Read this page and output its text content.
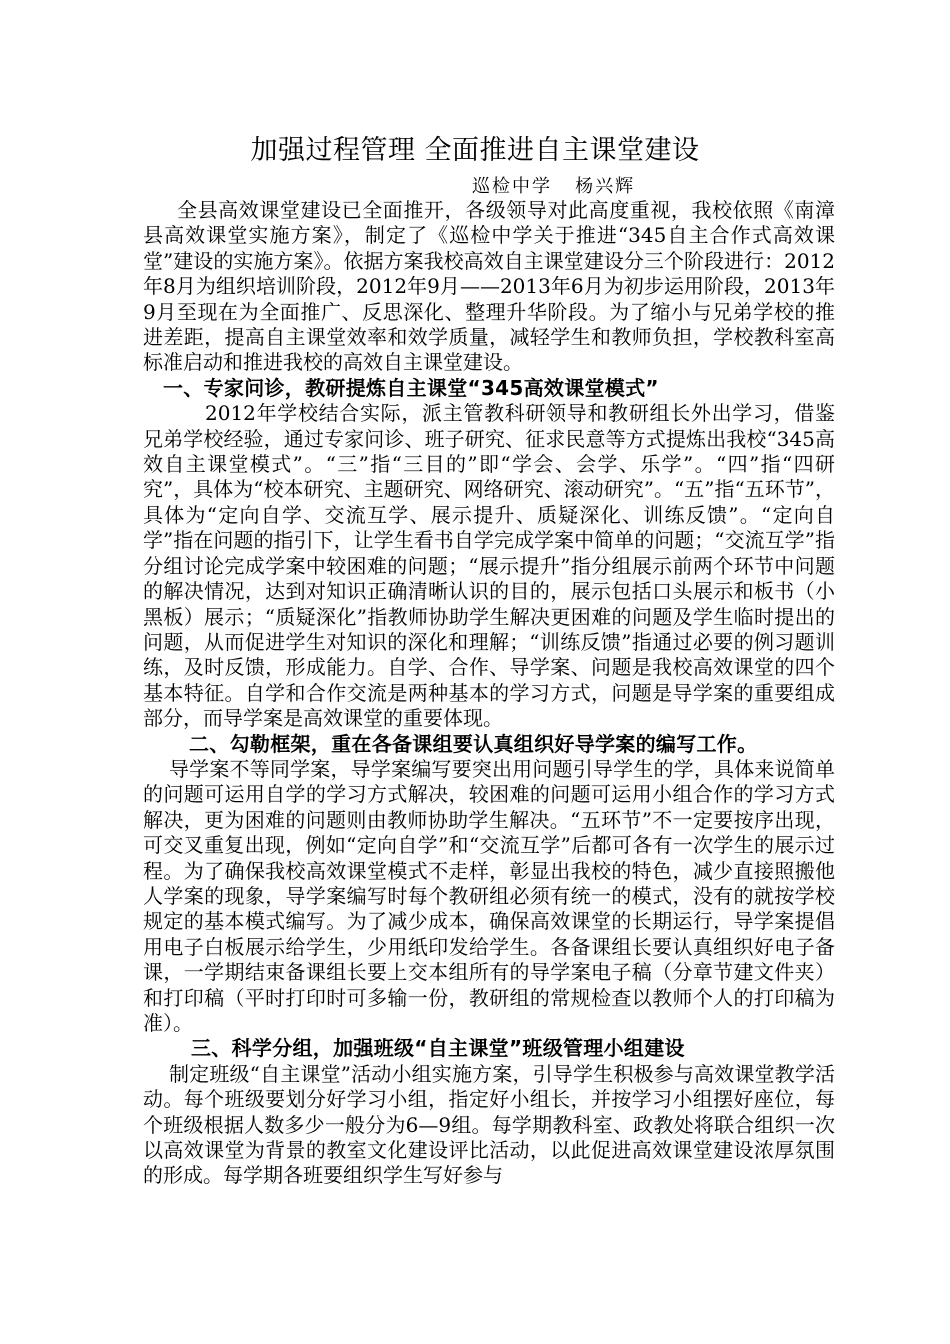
加强过程管理 全面推进自主课堂建设
巡检中学   杨兴辉

全县高效课堂建设已全面推开，各级领导对此高度重视，我校依照《南漳县高效课堂实施方案》，制定了《巡检中学关于推进“345自主合作式高效课堂”建设的实施方案》。依据方案我校高效自主课堂建设分三个阶段进行：2012年8月为组织培训阶段，2012年9月——2013年6月为初步运用阶段，2013年9月至现在为全面推广、反思深化、整理升华阶段。为了缩小与兄弟学校的推进差距，提高自主课堂效率和效学质量，减轻学生和教师负担，学校教科室高标准启动和推进我校的高效自主课堂建设。

一、专家问诊，教研提炼自主课堂“345高效课堂模式”

2012年学校结合实际，派主管教科研领导和教研组长外出学习，借鉴兄弟学校经验，通过专家问诊、班子研究、征求民意等方式提炼出我校“345高效自主课堂模式”。“三”指“三目的”即“学会、会学、乐学”。“四”指“四研究”，具体为“校本研究、主题研究、网络研究、滚动研究”。“五”指“五环节”，具体为“定向自学、交流互学、展示提升、质疑深化、训练反馈”。“定向自学”指在问题的指引下，让学生看书自学完成学案中简单的问题；“交流互学”指分组讨论完成学案中较困难的问题；“展示提升”指分组展示前两个环节中问题的解决情况，达到对知识正确清晰认识的目的，展示包括口头展示和板书（小黑板）展示；“质疑深化”指教师协助学生解决更困难的问题及学生临时提出的问题，从而促进学生对知识的深化和理解；“训练反馈”指通过必要的例习题训练，及时反馈，形成能力。自学、合作、导学案、问题是我校高效课堂的四个基本特征。自学和合作交流是两种基本的学习方式，问题是导学案的重要组成部分，而导学案是高效课堂的重要体现。

二、勾勒框架，重在各备课组要认真组织好导学案的编写工作。

导学案不等同学案，导学案编写要突出用问题引导学生的学，具体来说简单的问题可运用自学的学习方式解决，较困难的问题可运用小组合作的学习方式解决，更为困难的问题则由教师协助学生解决。“五环节”不一定要按序出现，可交叉重复出现，例如“定向自学”和“交流互学”后都可各有一次学生的展示过程。为了确保我校高效课堂模式不走样，彰显出我校的特色，减少直接照搬他人学案的现象，导学案编写时每个教研组必须有统一的模式，没有的就按学校规定的基本模式编写。为了减少成本，确保高效课堂的长期运行，导学案提倡用电子白板展示给学生，少用纸印发给学生。各备课组长要认真组织好电子备课，一学期结束备课组长要上交本组所有的导学案电子稿（分章节建文件夹）和打印稿（平时打印时可多输一份，教研组的常规检查以教师个人的打印稿为准）。

三、科学分组，加强班级“自主课堂”班级管理小组建设

制定班级“自主课堂”活动小组实施方案，引导学生积极参与高效课堂教学活动。每个班级要划分好学习小组，指定好小组长，并按学习小组摆好座位，每个班级根据人数多少一般分为6—9组。每学期教科室、政教处将联合组织一次以高效课堂为背景的教室文化建设评比活动，以此促进高效课堂建设浓厚氛围的形成。每学期各班要组织学生写好参与
